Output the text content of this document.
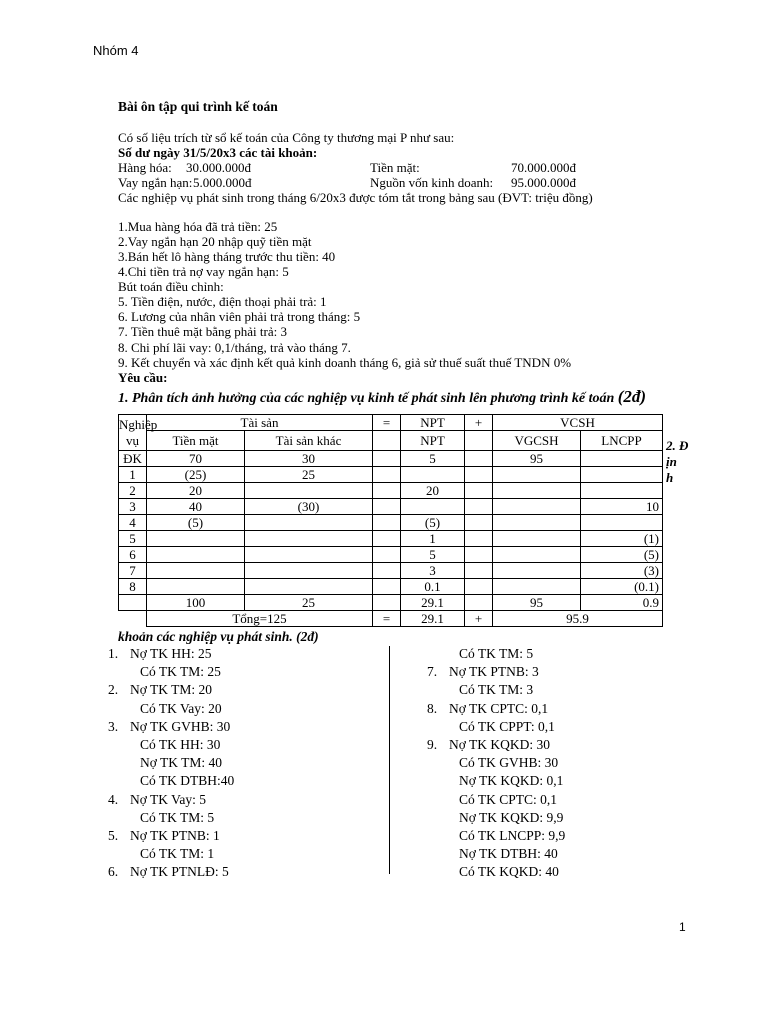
Nhóm 4
Bài ôn tập qui trình kế toán
Có số liệu trích từ sổ kế toán của Công ty thương mại P như sau:
Số dư ngày 31/5/20x3 các tài khoản:
Hàng hóa: 30.000.000đ	Tiền mặt:	70.000.000đ
Vay ngắn hạn: 5.000.000đ	Nguồn vốn kinh doanh: 95.000.000đ
Các nghiệp vụ phát sinh trong tháng 6/20x3 được tóm tắt trong bảng sau (ĐVT: triệu đồng)
1.Mua hàng hóa đã trả tiền: 25
2.Vay ngắn hạn 20 nhập quỹ tiền mặt
3.Bán hết lô hàng tháng trước thu tiền: 40
4.Chi tiền trả nợ vay ngắn hạn: 5
Bút toán điều chỉnh:
5. Tiền điện, nước, điện thoại phải trả: 1
6. Lương của nhân viên phải trả trong tháng: 5
7. Tiền thuê mặt bằng phải trả: 3
8. Chi phí lãi vay: 0,1/tháng, trả vào tháng 7.
9. Kết chuyển và xác định kết quả kinh doanh tháng 6, giả sử thuế suất thuế TNDN 0%
Yêu cầu:
1. Phân tích ảnh hưởng của các nghiệp vụ kinh tế phát sinh lên phương trình kế toán (2đ)
Nghiệp vụ	Tài sản		=	NPT	+	VCSH	
	Tiền mặt	Tài sản khác		NPT		VGCSH	LNCPP
ĐK	70	30		5		95	
1	(25)	25					
2	20			20			
3	40	(30)					10
4	(5)			(5)			
5				1			(1)
6				5			(5)
7				3			(3)
8				0.1			(0.1)
	100	25		29.1		95	0.9
	Tổng=125		=	29.1	+	95.9	
2. Đ
ịn
h
khoản các nghiệp vụ phát sinh. (2đ)
1. Nợ TK HH: 25
Có TK TM: 25
2. Nợ TK TM: 20
Có TK Vay: 20
3. Nợ TK GVHB: 30
Có TK HH: 30
Nợ TK TM: 40
Có TK DTBH:40
4. Nợ TK Vay: 5
Có TK TM: 5
5. Nợ TK PTNB: 1
Có TK TM: 1
6. Nợ TK PTNLĐ: 5
Có TK TM: 5
7. Nợ TK PTNB: 3
Có TK TM: 3
8. Nợ TK CPTC: 0,1
Có TK CPPT: 0,1
9. Nợ TK KQKD: 30
Có TK GVHB: 30
Nợ TK KQKD: 0,1
Có TK CPTC: 0,1
Nợ TK KQKD: 9,9
Có TK LNCPP: 9,9
Nợ TK DTBH: 40
Có TK KQKD: 40
1
